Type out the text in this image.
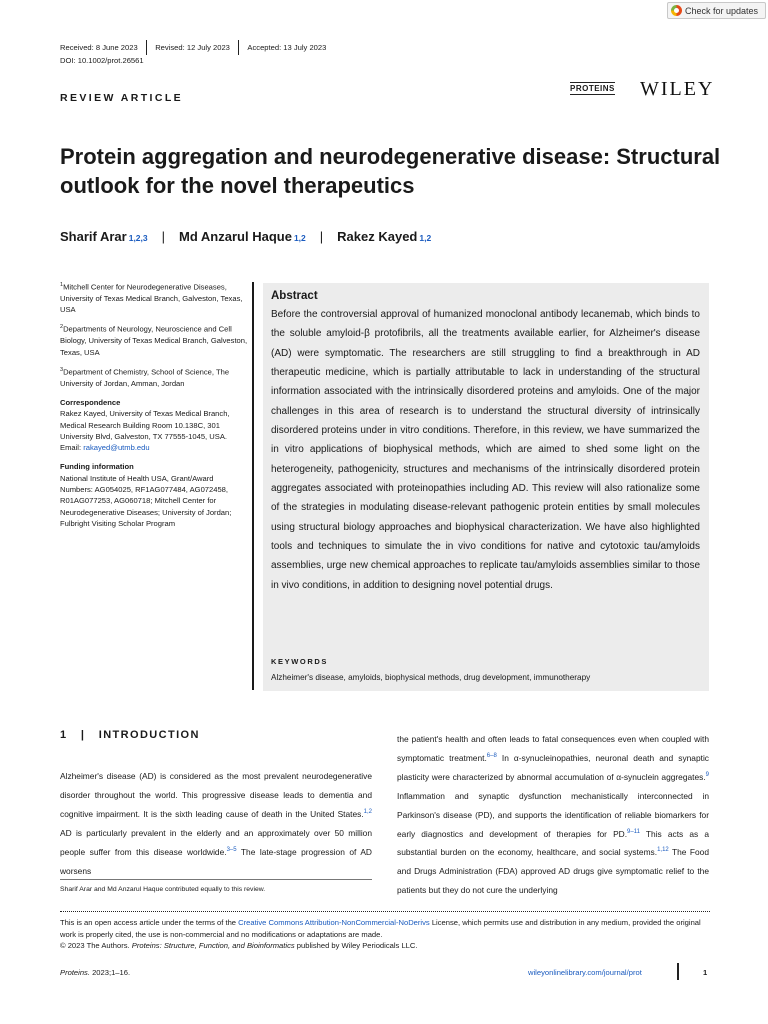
Check for updates
Received: 8 June 2023 Revised: 12 July 2023 Accepted: 13 July 2023
DOI: 10.1002/prot.26561
REVIEW ARTICLE
PROTEINS WILEY
Protein aggregation and neurodegenerative disease: Structural outlook for the novel therapeutics
Sharif Arar 1,2,3 | Md Anzarul Haque 1,2 | Rakez Kayed 1,2

$^1$Mitchell Center for Neurodegenerative Diseases, University of Texas Medical Branch, Galveston, Texas, USA

$^2$Departments of Neurology, Neuroscience and Cell Biology, University of Texas Medical Branch, Galveston, Texas, USA

$^3$Department of Chemistry, School of Science, The University of Jordan, Amman, Jordan

Correspondence

Rakez Kayed, University of Texas Medical Branch, Medical Research Building Room 10.138C, 301 University Blvd, Galveston, TX 77555-1045, USA.

Email: rakayed@utmb.edu

Funding information

National Institute of Health USA, Grant/Award Numbers: AG054025, RF1AG077484, AG072458, R01AG077253, AG060718; Mitchell Center for Neurodegenerative Diseases; University of Jordan; Fulbright Visiting Scholar Program

Abstract

Before the controversial approval of humanized monoclonal antibody lecanemab, which binds to the soluble amyloid-β protofibrils, all the treatments available earlier, for Alzheimer's disease (AD) were symptomatic. The researchers are still struggling to find a breakthrough in AD therapeutic medicine, which is partially attributable to lack in understanding of the structural information associated with the intrinsically disordered proteins and amyloids. One of the major challenges in this area of research is to understand the structural diversity of intrinsically disordered proteins under in vitro conditions. Therefore, in this review, we have summarized the in vitro applications of biophysical methods, which are aimed to shed some light on the heterogeneity, pathogenicity, structures and mechanisms of the intrinsically disordered protein aggregates associated with proteinopathies including AD. This review will also rationalize some of the strategies in modulating disease-relevant pathogenic protein entities by small molecules using structural biology approaches and biophysical characterization. We have also highlighted tools and techniques to simulate the in vivo conditions for native and cytotoxic tau/amyloids assemblies, urge new chemical approaches to replicate tau/amyloids assemblies similar to those in vivo conditions, in addition to designing novel potential drugs.

KEYWORDS
Alzheimer's disease, amyloids, biophysical methods, drug development, immunotherapy
1   |   INTRODUCTION

Alzheimer's disease (AD) is considered as the most prevalent neurodegenerative disorder throughout the world. This progressive disease leads to dementia and cognitive impairment. It is the sixth leading cause of death in the United States.$^{1,2}$ AD is particularly prevalent in the elderly and an approximately over 50 million people suffer from this disease worldwide.$^{3-5}$ The late-stage progression of AD worsens

the patient's health and often leads to fatal consequences even when coupled with symptomatic treatment.$^{6-8}$ In α-synucleinopathies, neuronal death and synaptic plasticity were characterized by abnormal accumulation of α-synuclein aggregates.$^9$ Inflammation and synaptic dysfunction mechanistically interconnected in Parkinson's disease (PD), and supports the identification of reliable biomarkers for early diagnostics and development of therapies for PD.$^{9-11}$ This acts as a substantial burden on the economy, healthcare, and social systems.$^{1,12}$ The Food and Drugs Administration (FDA) approved AD drugs give symptomatic relief to the patients but they do not cure the underlying

Sharif Arar and Md Anzarul Haque contributed equally to this review.

This is an open access article under the terms of the Creative Commons Attribution-NonCommercial-NoDerivs License, which permits use and distribution in any medium, provided the original work is properly cited, the use is non-commercial and no modifications or adaptations are made.
© 2023 The Authors. Proteins: Structure, Function, and Bioinformatics published by Wiley Periodicals LLC.

Proteins. 2023;1–16.	wileyonlinelibrary.com/journal/prot	1
